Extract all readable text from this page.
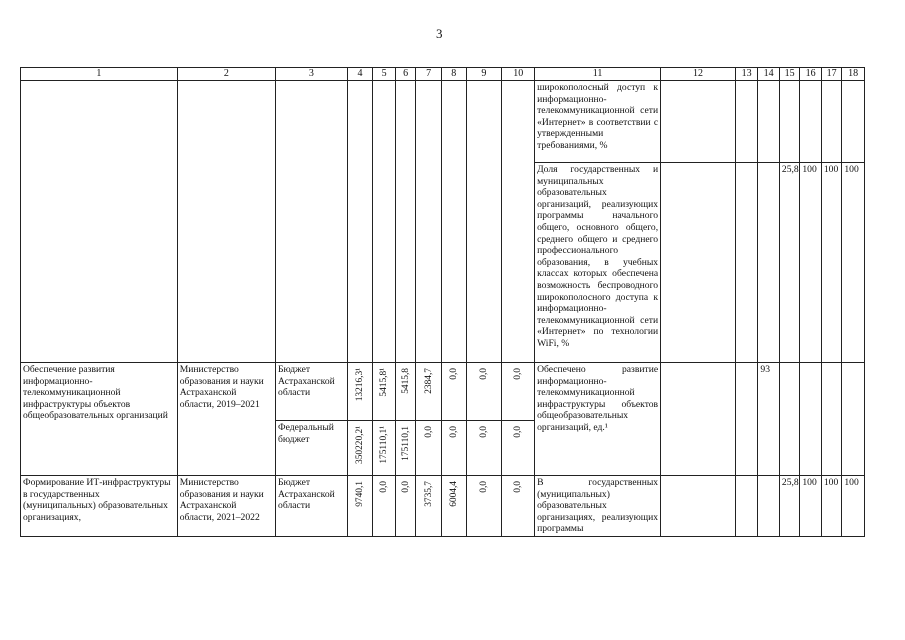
3
1	2	3	4	5	6	7	8	9	10	11	12	13	14	15	16	17	18
										широкополосный доступ к информационно-телекоммуникационной сети «Интернет» в соответствии с утвержденными требованиями, %							
										Доля государственных и муниципальных образовательных организаций, реализующих программы начального общего, основного общего, среднего общего и среднего профессионального образования, в учебных классах которых обеспечена возможность беспроводного широкополосного доступа к информационно-телекоммуникационной сети «Интернет» по технологии WiFi, %				25,8	100	100	100
Обеспечение развития информационно-телекоммуникационной инфраструктуры объектов общеобразовательных организаций	Министерство образования и науки Астраханской области, 2019–2021	Бюджет Астраханской области	13216,3¹	5415,8¹	5415,8	2384,7	0,0	0,0	0,0	Обеспечено развитие информационно-телекоммуникационной инфраструктуры объектов общеобразовательных организаций, ед.¹			93				
		Федеральный бюджет	350220,2¹	175110,1¹	175110,1	0,0	0,0	0,0	0,0								

Формирование ИТ-инфраструктуры в государственных (муниципальных) образовательных организациях,	Министерство образования и науки Астраханской области, 2021–2022	Бюджет Астраханской области	9740,1	0,0	0,0	3735,7	6004,4	0,0	0,0	В государственных (муниципальных) образовательных организациях, реализующих программы				25,8	100	100	100
